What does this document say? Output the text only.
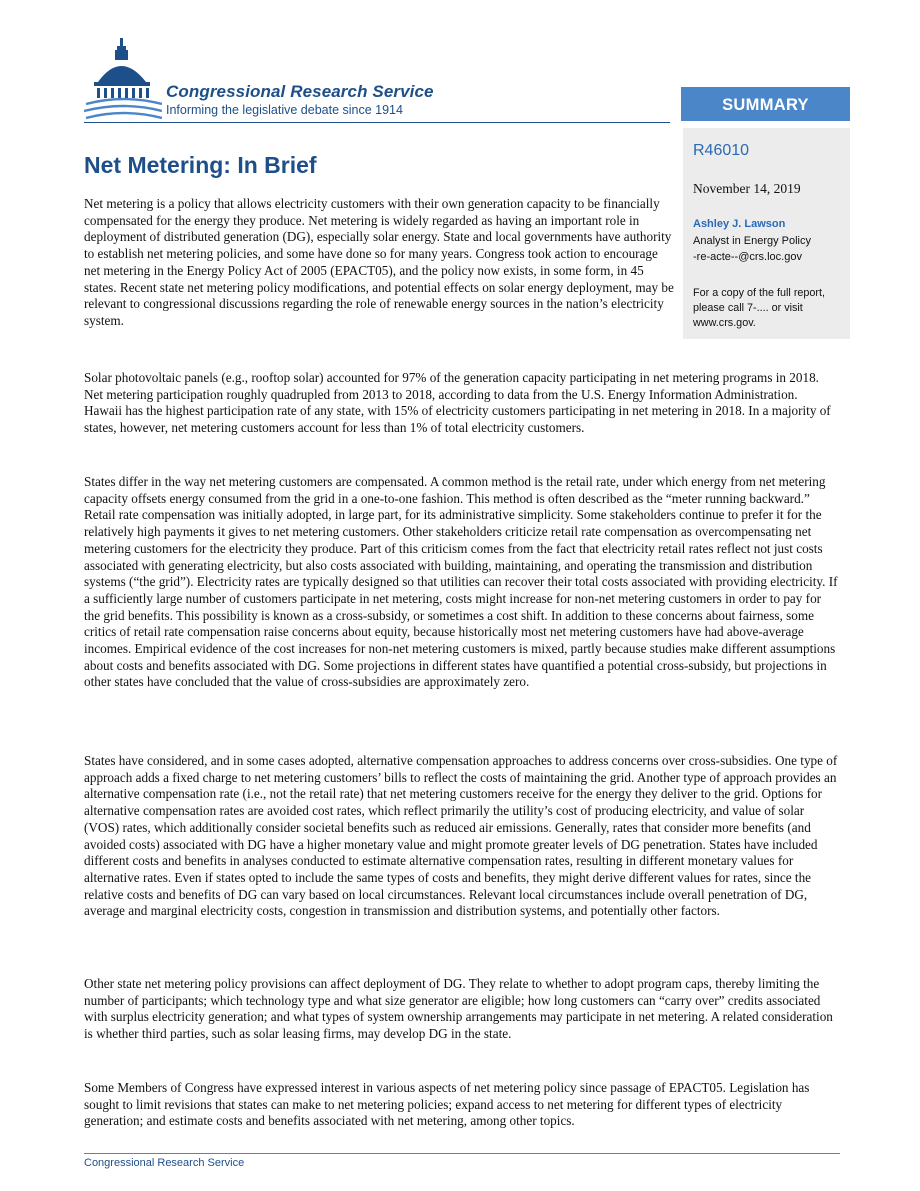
Congressional Research Service
Informing the legislative debate since 1914	SUMMARY
R46010
November 14, 2019
Ashley J. Lawson
Analyst in Energy Policy
-re-acte--@crs.loc.gov
For a copy of the full report, please call 7-.... or visit www.crs.gov.
Net Metering: In Brief

Net metering is a policy that allows electricity customers with their own generation capacity to be financially compensated for the energy they produce. Net metering is widely regarded as having an important role in deployment of distributed generation (DG), especially solar energy. State and local governments have authority to establish net metering policies, and some have done so for many years. Congress took action to encourage net metering in the Energy Policy Act of 2005 (EPACT05), and the policy now exists, in some form, in 45 states. Recent state net metering policy modifications, and potential effects on solar energy deployment, may be relevant to congressional discussions regarding the role of renewable energy sources in the nation’s electricity system.

Solar photovoltaic panels (e.g., rooftop solar) accounted for 97% of the generation capacity participating in net metering programs in 2018. Net metering participation roughly quadrupled from 2013 to 2018, according to data from the U.S. Energy Information Administration. Hawaii has the highest participation rate of any state, with 15% of electricity customers participating in net metering in 2018. In a majority of states, however, net metering customers account for less than 1% of total electricity customers.

States differ in the way net metering customers are compensated. A common method is the retail rate, under which energy from net metering capacity offsets energy consumed from the grid in a one-to-one fashion. This method is often described as the “meter running backward.” Retail rate compensation was initially adopted, in large part, for its administrative simplicity. Some stakeholders continue to prefer it for the relatively high payments it gives to net metering customers. Other stakeholders criticize retail rate compensation as overcompensating net metering customers for the electricity they produce. Part of this criticism comes from the fact that electricity retail rates reflect not just costs associated with generating electricity, but also costs associated with building, maintaining, and operating the transmission and distribution systems (“the grid”). Electricity rates are typically designed so that utilities can recover their total costs associated with providing electricity. If a sufficiently large number of customers participate in net metering, costs might increase for non-net metering customers in order to pay for the grid benefits. This possibility is known as a cross-subsidy, or sometimes a cost shift. In addition to these concerns about fairness, some critics of retail rate compensation raise concerns about equity, because historically most net metering customers have had above-average incomes. Empirical evidence of the cost increases for non-net metering customers is mixed, partly because studies make different assumptions about costs and benefits associated with DG. Some projections in different states have quantified a potential cross-subsidy, but projections in other states have concluded that the value of cross-subsidies are approximately zero.

States have considered, and in some cases adopted, alternative compensation approaches to address concerns over cross-subsidies. One type of approach adds a fixed charge to net metering customers’ bills to reflect the costs of maintaining the grid. Another type of approach provides an alternative compensation rate (i.e., not the retail rate) that net metering customers receive for the energy they deliver to the grid. Options for alternative compensation rates are avoided cost rates, which reflect primarily the utility’s cost of producing electricity, and value of solar (VOS) rates, which additionally consider societal benefits such as reduced air emissions. Generally, rates that consider more benefits (and avoided costs) associated with DG have a higher monetary value and might promote greater levels of DG penetration. States have included different costs and benefits in analyses conducted to estimate alternative compensation rates, resulting in different monetary values for alternative rates. Even if states opted to include the same types of costs and benefits, they might derive different values for rates, since the relative costs and benefits of DG can vary based on local circumstances. Relevant local circumstances include overall penetration of DG, average and marginal electricity costs, congestion in transmission and distribution systems, and potentially other factors.

Other state net metering policy provisions can affect deployment of DG. They relate to whether to adopt program caps, thereby limiting the number of participants; which technology type and what size generator are eligible; how long customers can “carry over” credits associated with surplus electricity generation; and what types of system ownership arrangements may participate in net metering. A related consideration is whether third parties, such as solar leasing firms, may develop DG in the state.

Some Members of Congress have expressed interest in various aspects of net metering policy since passage of EPACT05. Legislation has sought to limit revisions that states can make to net metering policies; expand access to net metering for different types of electricity generation; and estimate costs and benefits associated with net metering, among other topics.

Congressional Research Service
